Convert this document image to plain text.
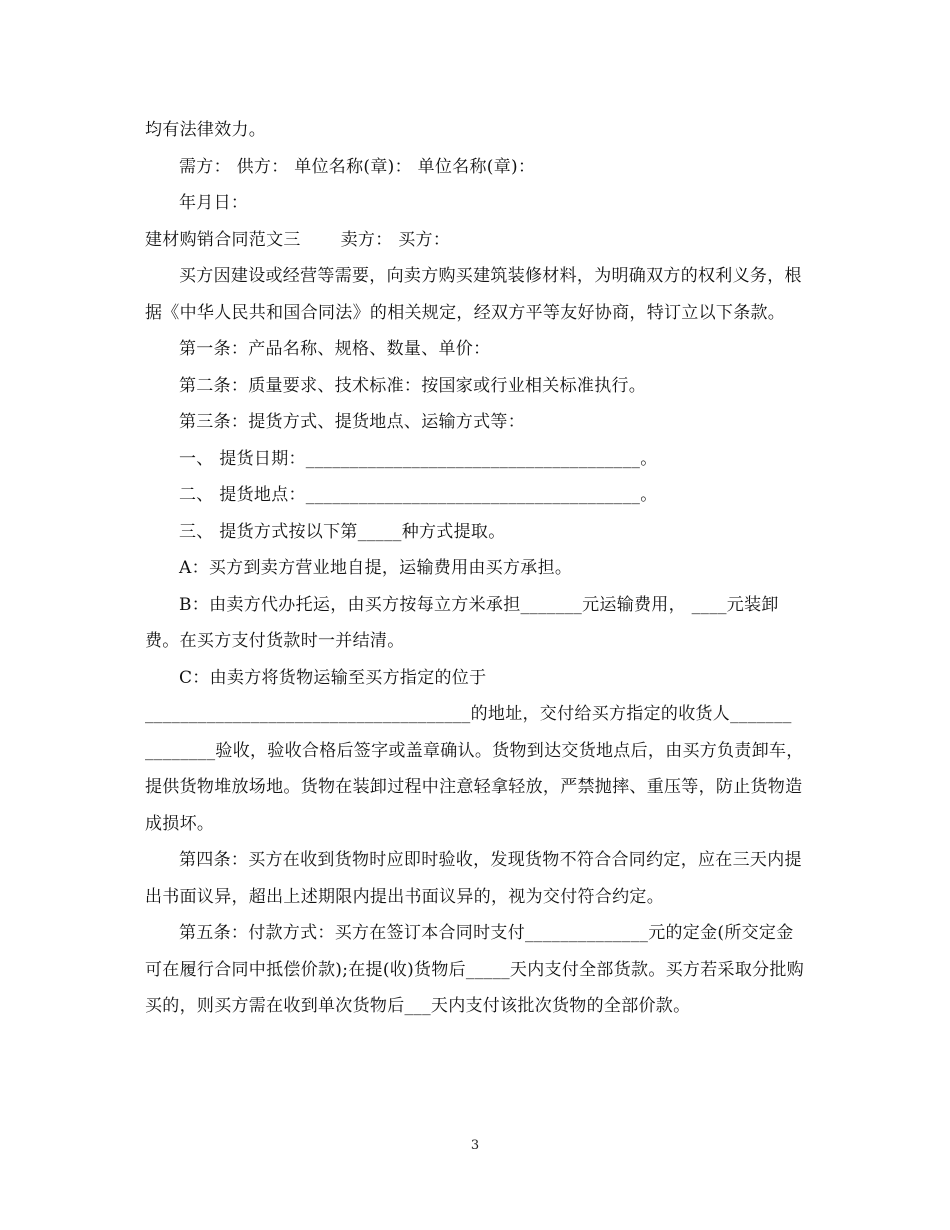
均有法律效力。

需方： 供方： 单位名称(章)： 单位名称(章)：

年月日：

建材购销合同范文三       卖方： 买方：

买方因建设或经营等需要，向卖方购买建筑装修材料，为明确双方的权利义务，根据《中华人民共和国合同法》的相关规定，经双方平等友好协商，特订立以下条款。

第一条：产品名称、规格、数量、单价：

第二条：质量要求、技术标准：按国家或行业相关标准执行。

第三条：提货方式、提货地点、运输方式等：

一、 提货日期：______________________________________。

二、 提货地点：______________________________________。

三、 提货方式按以下第_____种方式提取。

A：买方到卖方营业地自提，运输费用由买方承担。

B：由卖方代办托运，由买方按每立方米承担_______元运输费用， ____元装卸费。在买方支付货款时一并结清。

C：由卖方将货物运输至买方指定的位于

_____________________________________的地址，交付给买方指定的收货人_______ ________验收，验收合格后签字或盖章确认。货物到达交货地点后，由买方负责卸车，提供货物堆放场地。货物在装卸过程中注意轻拿轻放，严禁抛摔、重压等，防止货物造成损坏。

第四条：买方在收到货物时应即时验收，发现货物不符合合同约定，应在三天内提出书面议异，超出上述期限内提出书面议异的，视为交付符合约定。

第五条：付款方式：买方在签订本合同时支付______________元的定金(所交定金可在履行合同中抵偿价款);在提(收)货物后_____天内支付全部货款。买方若采取分批购买的，则买方需在收到单次货物后___天内支付该批次货物的全部价款。

3
